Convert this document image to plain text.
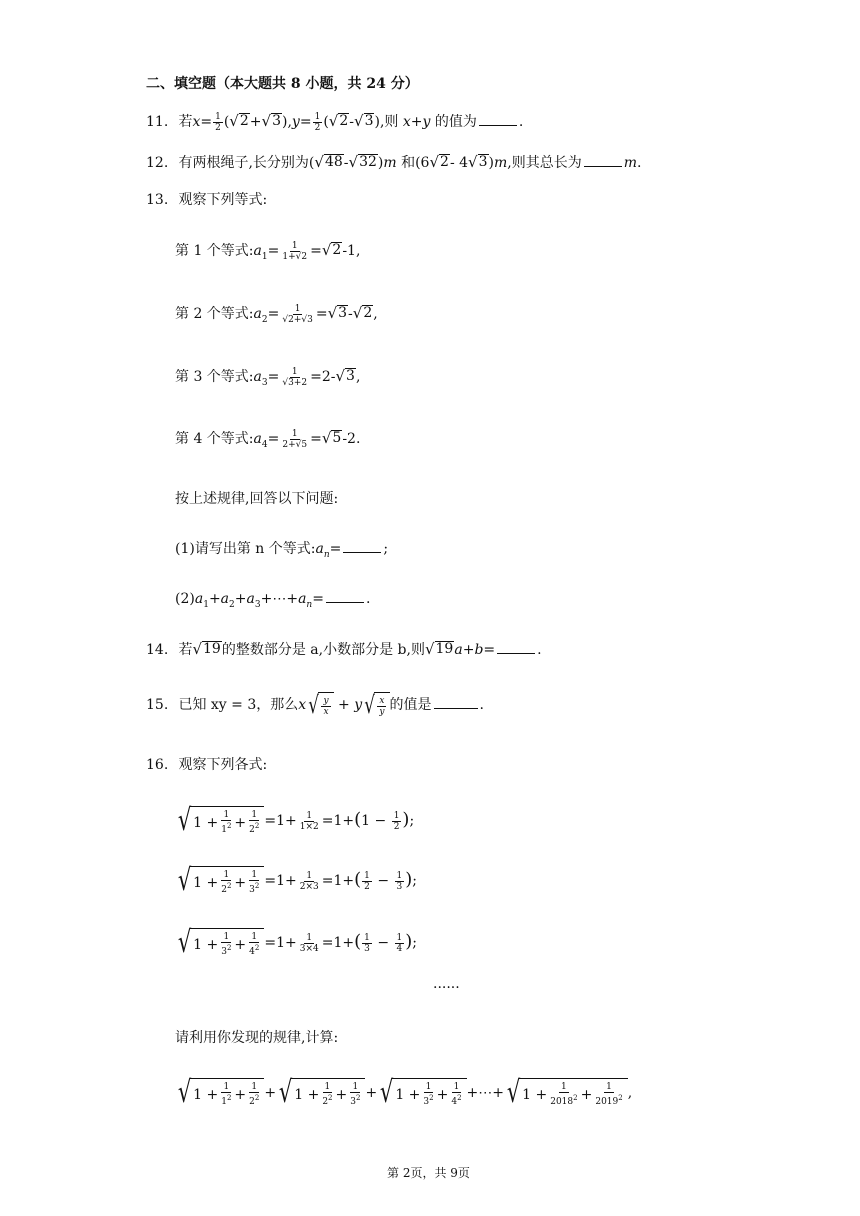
二、填空题（本大题共 8 小题，共 24 分）
11. 若$x= \frac{1}{2}$ ( √ 2 + √ 3 )$,y= \frac{1}{2}$ ( √ 2 - √ 3 ),则 x+y 的值为	.
12. 有两根绳子,长分别为( √ 48 - √ 32 )m 和(6 √ 2 - 4 √ 3 )m,则其总长为	m.
13. 观察下列等式:
第 1 个等式$:a_1= \frac{1}{1+√2}$ = √ 2 -1,
第 2 个等式$:a_2= \frac{1}{√2+√3}$ = √ 3 - √ 2 ,
第 3 个等式$:a_3= \frac{1}{√3+2} =2-$ √ 3 ,
第 4 个等式$:a_4= \frac{1}{2+√5}$ = √ 5 -2.
按上述规律,回答以下问题:
(1)请写出第 n 个等式$:a_n=$	;
$(2)a_1+a_2+a_3+\cdots+a_n=$	.
14. 若 √ 19 的整数部分是 a,小数部分是 b,则 √ 19 a+b=	.
15. 已知 xy = 3，那么x √ $\frac{y}{x} + y$ √ $\frac{x}{y}$ 的值是	.
16. 观察下列各式:
√ $1 + \frac{1}{1^2} + \frac{1}{2^2} =1+ \frac{1}{1\times 2} =1+(1 - \frac{1}{2}$ );
√ $1 + \frac{1}{2^2} + \frac{1}{3^2} =1+ \frac{1}{2\times 3} =1+( \frac{1}{2} - \frac{1}{3}$ );
√ $1 + \frac{1}{3^2} + \frac{1}{4^2} =1+ \frac{1}{3\times 4} =1+( \frac{1}{3} - \frac{1}{4}$ );
......
请利用你发现的规律,计算:
√ $1 + \frac{1}{1^2} + \frac{1}{2^2}$ + √ $1 + \frac{1}{2^2} + \frac{1}{3^2}$ + √ $1 + \frac{1}{3^2} + \frac{1}{4^2}$ +⋯+ √ $1 + \frac{1}{2018^2} + \frac{1}{2019^2}$ ,
第 2页，共 9页
